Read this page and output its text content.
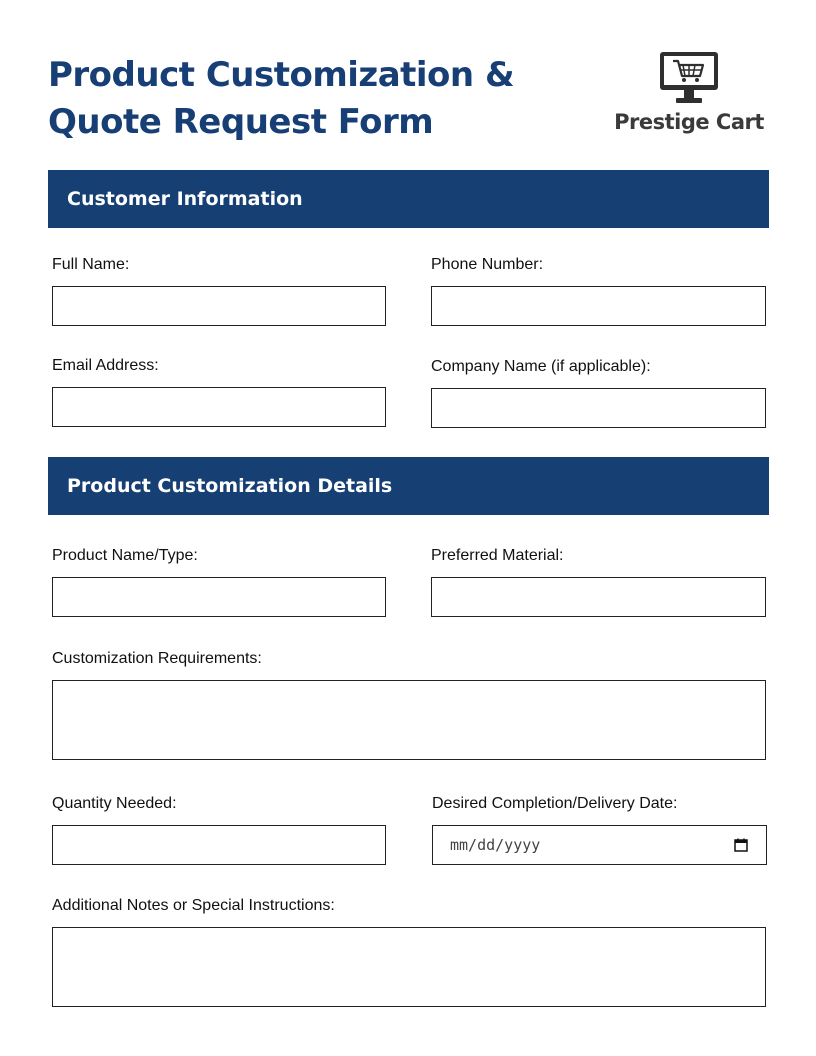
Product Customization &
Quote Request Form	Prestige Cart
Customer Information
Full Name:	Phone Number:
Email Address:	Company Name (if applicable):
Product Customization Details
Product Name/Type:	Preferred Material:
Customization Requirements:
Quantity Needed:	Desired Completion/Delivery Date:
mm/dd/yyyy
Additional Notes or Special Instructions:
